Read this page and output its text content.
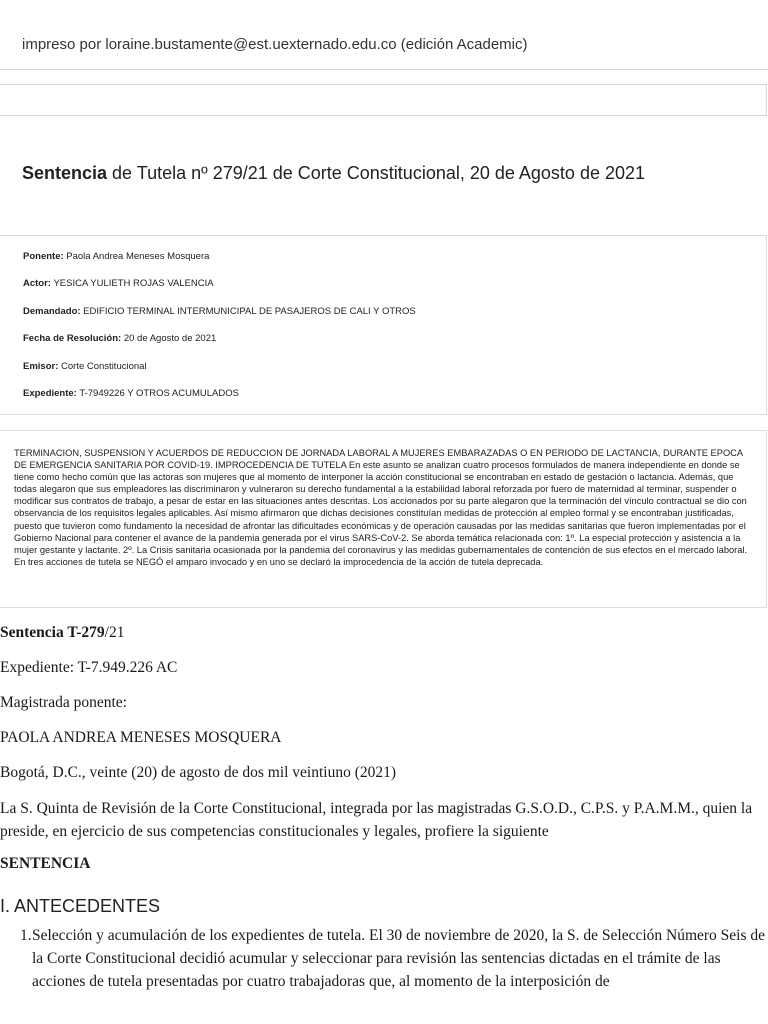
impreso por loraine.bustamente@est.uexternado.edu.co (edición Academic)
Sentencia de Tutela nº 279/21 de Corte Constitucional, 20 de Agosto de 2021
Ponente: Paola Andrea Meneses Mosquera
Actor: YESICA YULIETH ROJAS VALENCIA
Demandado: EDIFICIO TERMINAL INTERMUNICIPAL DE PASAJEROS DE CALI Y OTROS
Fecha de Resolución: 20 de Agosto de 2021
Emisor: Corte Constitucional
Expediente: T-7949226 Y OTROS ACUMULADOS
TERMINACION, SUSPENSION Y ACUERDOS DE REDUCCION DE JORNADA LABORAL A MUJERES EMBARAZADAS O EN PERIODO DE LACTANCIA, DURANTE EPOCA DE EMERGENCIA SANITARIA POR COVID-19. IMPROCEDENCIA DE TUTELA En este asunto se analizan cuatro procesos formulados de manera independiente en donde se tiene como hecho común que las actoras son mujeres que al momento de interponer la acción constitucional se encontraban en estado de gestación o lactancia. Además, que todas alegaron que sus empleadores las discriminaron y vulneraron su derecho fundamental a la estabilidad laboral reforzada por fuero de maternidad al terminar, suspender o modificar sus contratos de trabajo, a pesar de estar en las situaciones antes descritas. Los accionados por su parte alegaron que la terminación del vínculo contractual se dio con observancia de los requisitos legales aplicables. Así mismo afirmaron que dichas decisiones constituían medidas de protección al empleo formal y se encontraban justificadas, puesto que tuvieron como fundamento la necesidad de afrontar las dificultades económicas y de operación causadas por las medidas sanitarias que fueron implementadas por el Gobierno Nacional para contener el avance de la pandemia generada por el virus SARS-CoV-2. Se aborda temática relacionada con: 1º. La especial protección y asistencia a la mujer gestante y lactante. 2º. La Crisis sanitaria ocasionada por la pandemia del coronavirus y las medidas gubernamentales de contención de sus efectos en el mercado laboral. En tres acciones de tutela se NEGÓ el amparo invocado y en uno se declaró la improcedencia de la acción de tutela deprecada.
Sentencia T-279/21
Expediente: T-7.949.226 AC
Magistrada ponente:
PAOLA ANDREA MENESES MOSQUERA
Bogotá, D.C., veinte (20) de agosto de dos mil veintiuno (2021)
La S. Quinta de Revisión de la Corte Constitucional, integrada por las magistradas G.S.O.D., C.P.S. y P.A.M.M., quien la preside, en ejercicio de sus competencias constitucionales y legales, profiere la siguiente
SENTENCIA
I. ANTECEDENTES
1. Selección y acumulación de los expedientes de tutela. El 30 de noviembre de 2020, la S. de Selección Número Seis de la Corte Constitucional decidió acumular y seleccionar para revisión las sentencias dictadas en el trámite de las acciones de tutela presentadas por cuatro trabajadoras que, al momento de la interposición de
